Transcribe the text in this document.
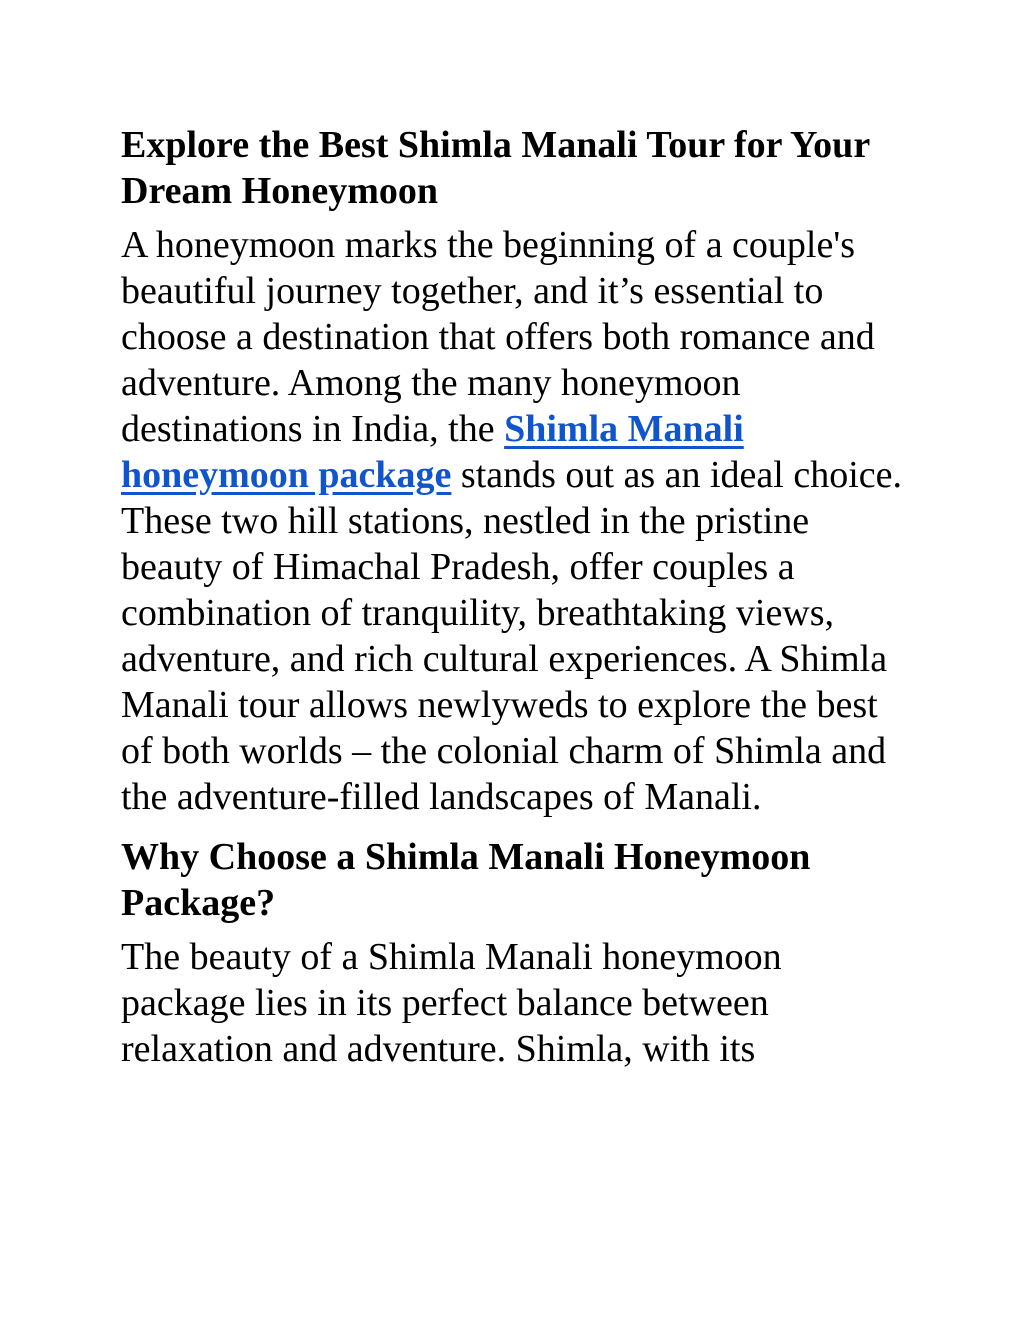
Explore the Best Shimla Manali Tour for Your Dream Honeymoon

A honeymoon marks the beginning of a couple's beautiful journey together, and it’s essential to choose a destination that offers both romance and adventure. Among the many honeymoon destinations in India, the Shimla Manali honeymoon package stands out as an ideal choice. These two hill stations, nestled in the pristine beauty of Himachal Pradesh, offer couples a combination of tranquility, breathtaking views, adventure, and rich cultural experiences. A Shimla Manali tour allows newlyweds to explore the best of both worlds – the colonial charm of Shimla and the adventure-filled landscapes of Manali.

Why Choose a Shimla Manali Honeymoon Package?

The beauty of a Shimla Manali honeymoon package lies in its perfect balance between relaxation and adventure. Shimla, with its
